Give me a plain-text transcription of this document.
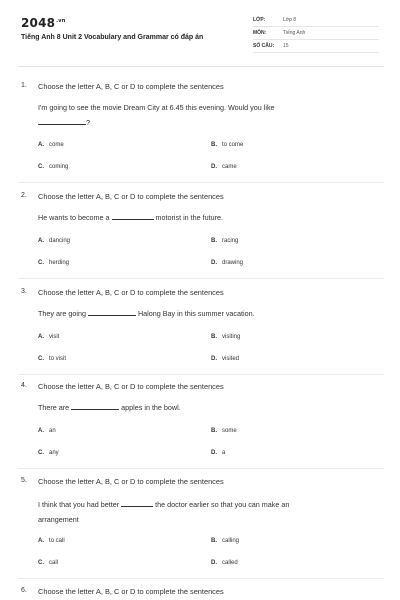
$2048^{.vn}$
Tiếng Anh 8 Unit 2 Vocabulary and Grammar có đáp án
LỚP:	Lớp 8
MÔN:	Tiếng Anh
SỐ CÂU:	15
1. Choose the letter A, B, C or D to complete the sentences
I'm going to see the movie Dream City at 6.45 this evening. Would you like
?
A. come	B. to come
C. coming	D. came
2. Choose the letter A, B, C or D to complete the sentences
He wants to become a	motorist in the future.
A. dancing	B. racing
C. herding	D. drawing
3. Choose the letter A, B, C or D to complete the sentences
They are going	Halong Bay in this summer vacation.
A. visit	B. visiting
C. to visit	D. visited
4. Choose the letter A, B, C or D to complete the sentences
There are	apples in the bowl.
A. an	B. some
C. any	D. a
5. Choose the letter A, B, C or D to complete the sentences
I think that you had better	the doctor earlier so that you can make an
arrangement
A. to call	B. calling
C. call	D. called
6. Choose the letter A, B, C or D to complete the sentences
